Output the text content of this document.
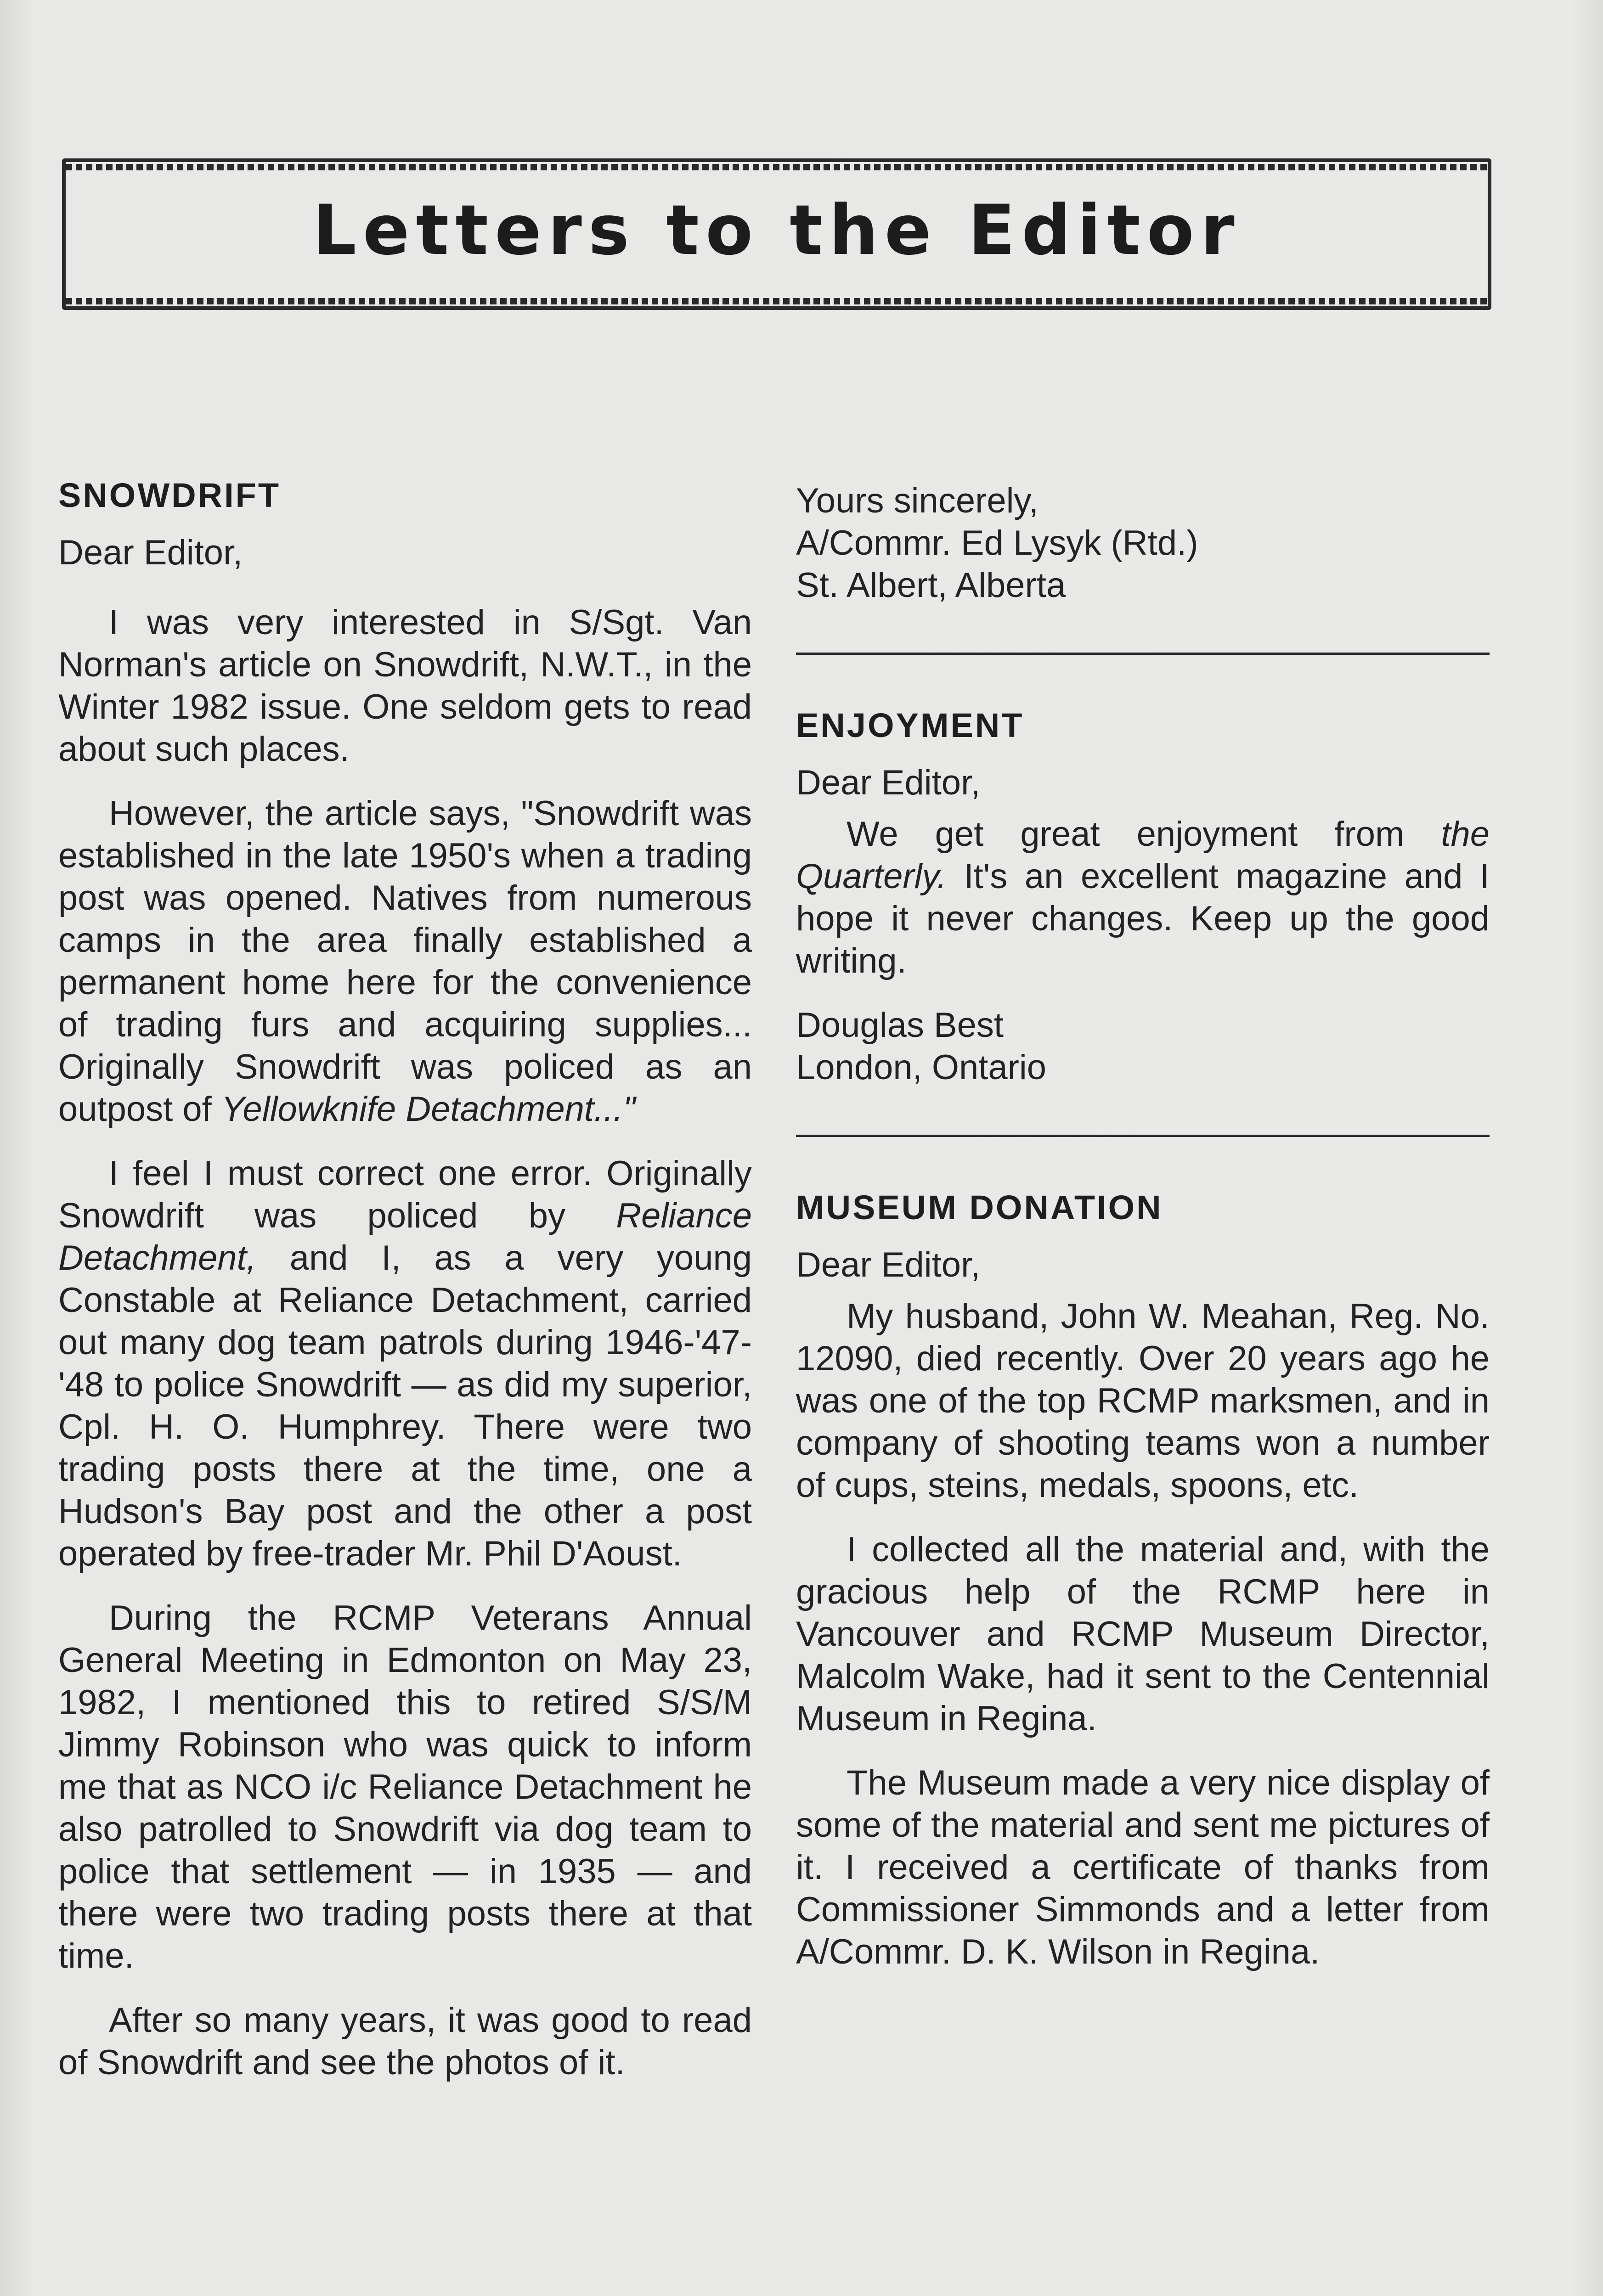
Letters to the Editor
SNOWDRIFT
Dear Editor,

I was very interested in S/Sgt. Van Norman's article on Snowdrift, N.W.T., in the Winter 1982 issue. One seldom gets to read about such places.

However, the article says, "Snowdrift was established in the late 1950's when a trading post was opened. Natives from numerous camps in the area finally established a permanent home here for the convenience of trading furs and acquiring supplies... Originally Snowdrift was policed as an outpost of Yellowknife Detachment..."

I feel I must correct one error. Originally Snowdrift was policed by Reliance Detachment, and I, as a very young Constable at Reliance Detachment, carried out many dog team patrols during 1946-'47-'48 to police Snowdrift — as did my superior, Cpl. H. O. Humphrey. There were two trading posts there at the time, one a Hudson's Bay post and the other a post operated by free-trader Mr. Phil D'Aoust.

During the RCMP Veterans Annual General Meeting in Edmonton on May 23, 1982, I mentioned this to retired S/S/M Jimmy Robinson who was quick to inform me that as NCO i/c Reliance Detachment he also patrolled to Snowdrift via dog team to police that settlement — in 1935 — and there were two trading posts there at that time.

After so many years, it was good to read of Snowdrift and see the photos of it.

Yours sincerely,
A/Commr. Ed Lysyk (Rtd.)
St. Albert, Alberta
ENJOYMENT
Dear Editor,

We get great enjoyment from the Quarterly. It's an excellent magazine and I hope it never changes. Keep up the good writing.

Douglas Best
London, Ontario
MUSEUM DONATION
Dear Editor,

My husband, John W. Meahan, Reg. No. 12090, died recently. Over 20 years ago he was one of the top RCMP marksmen, and in company of shooting teams won a number of cups, steins, medals, spoons, etc.

I collected all the material and, with the gracious help of the RCMP here in Vancouver and RCMP Museum Director, Malcolm Wake, had it sent to the Centennial Museum in Regina.

The Museum made a very nice display of some of the material and sent me pictures of it. I received a certificate of thanks from Commissioner Simmonds and a letter from A/Commr. D. K. Wilson in Regina.
